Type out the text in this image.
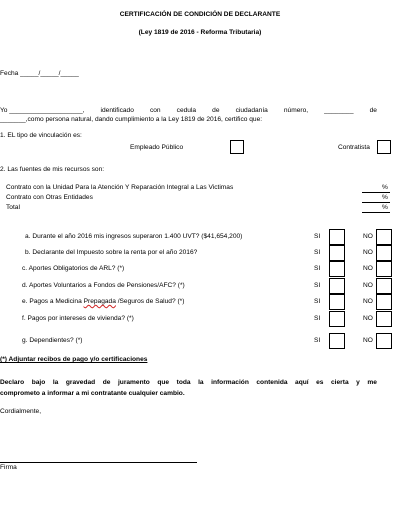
CERTIFICACIÓN DE CONDICIÓN DE DECLARANTE
(Ley 1819 de 2016 - Reforma Tributaria)
Fecha _____/_____/_____
Yo ____________________, identificado con cedula de ciudadanía número, ________ de
_______,como persona natural, dando cumplimiento a la Ley 1819 de 2016, certifico que:
1. EL tipo de vinculación es:
Empleado Público	Contratista
2. Las fuentes de mis recursos son:
Contrato con la Unidad Para la Atención Y Reparación Integral a Las Victimas	%
Contrato con Otras Entidades	%
Total	%
a. Durante el año 2016 mis ingresos superaron 1.400 UVT? ($41,654,200)	SI	NO
b. Declarante del Impuesto sobre la renta por el año 2016?	SI	NO
c. Aportes Obligatorios de ARL? (*)	SI	NO
d. Aportes Voluntarios a Fondos de Pensiones/AFC? (*)	SI	NO
e. Pagos a Medicina Prepagada /Seguros de Salud? (*)	SI	NO
f. Pagos por intereses de vivienda? (*)	SI	NO
g. Dependientes? (*)	SI	NO
(*) Adjuntar recibos de pago y/o certificaciones
Declaro bajo la gravedad de juramento que toda la información contenida aquí es cierta y me
comprometo a informar a mi contratante cualquier cambio.
Cordialmente,
Firma
